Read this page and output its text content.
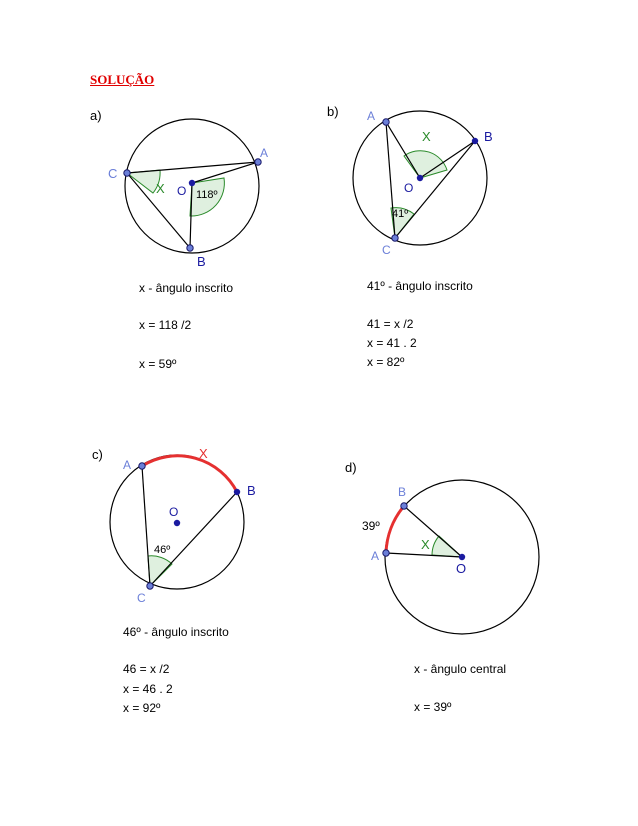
SOLUÇÃO
a)	b)
c)
d)
C
A
B
O
X	118º
A
B
C
O
X
41º
A
B
C
O
X
46º
B
A
O
X
39º
x - ângulo inscrito
x = 118 /2
x = 59º
41º - ângulo inscrito
41 = x /2
x = 41 . 2
x = 82º
46º - ângulo inscrito
46 = x /2
x = 46 . 2
x = 92º
x - ângulo central
x = 39º
